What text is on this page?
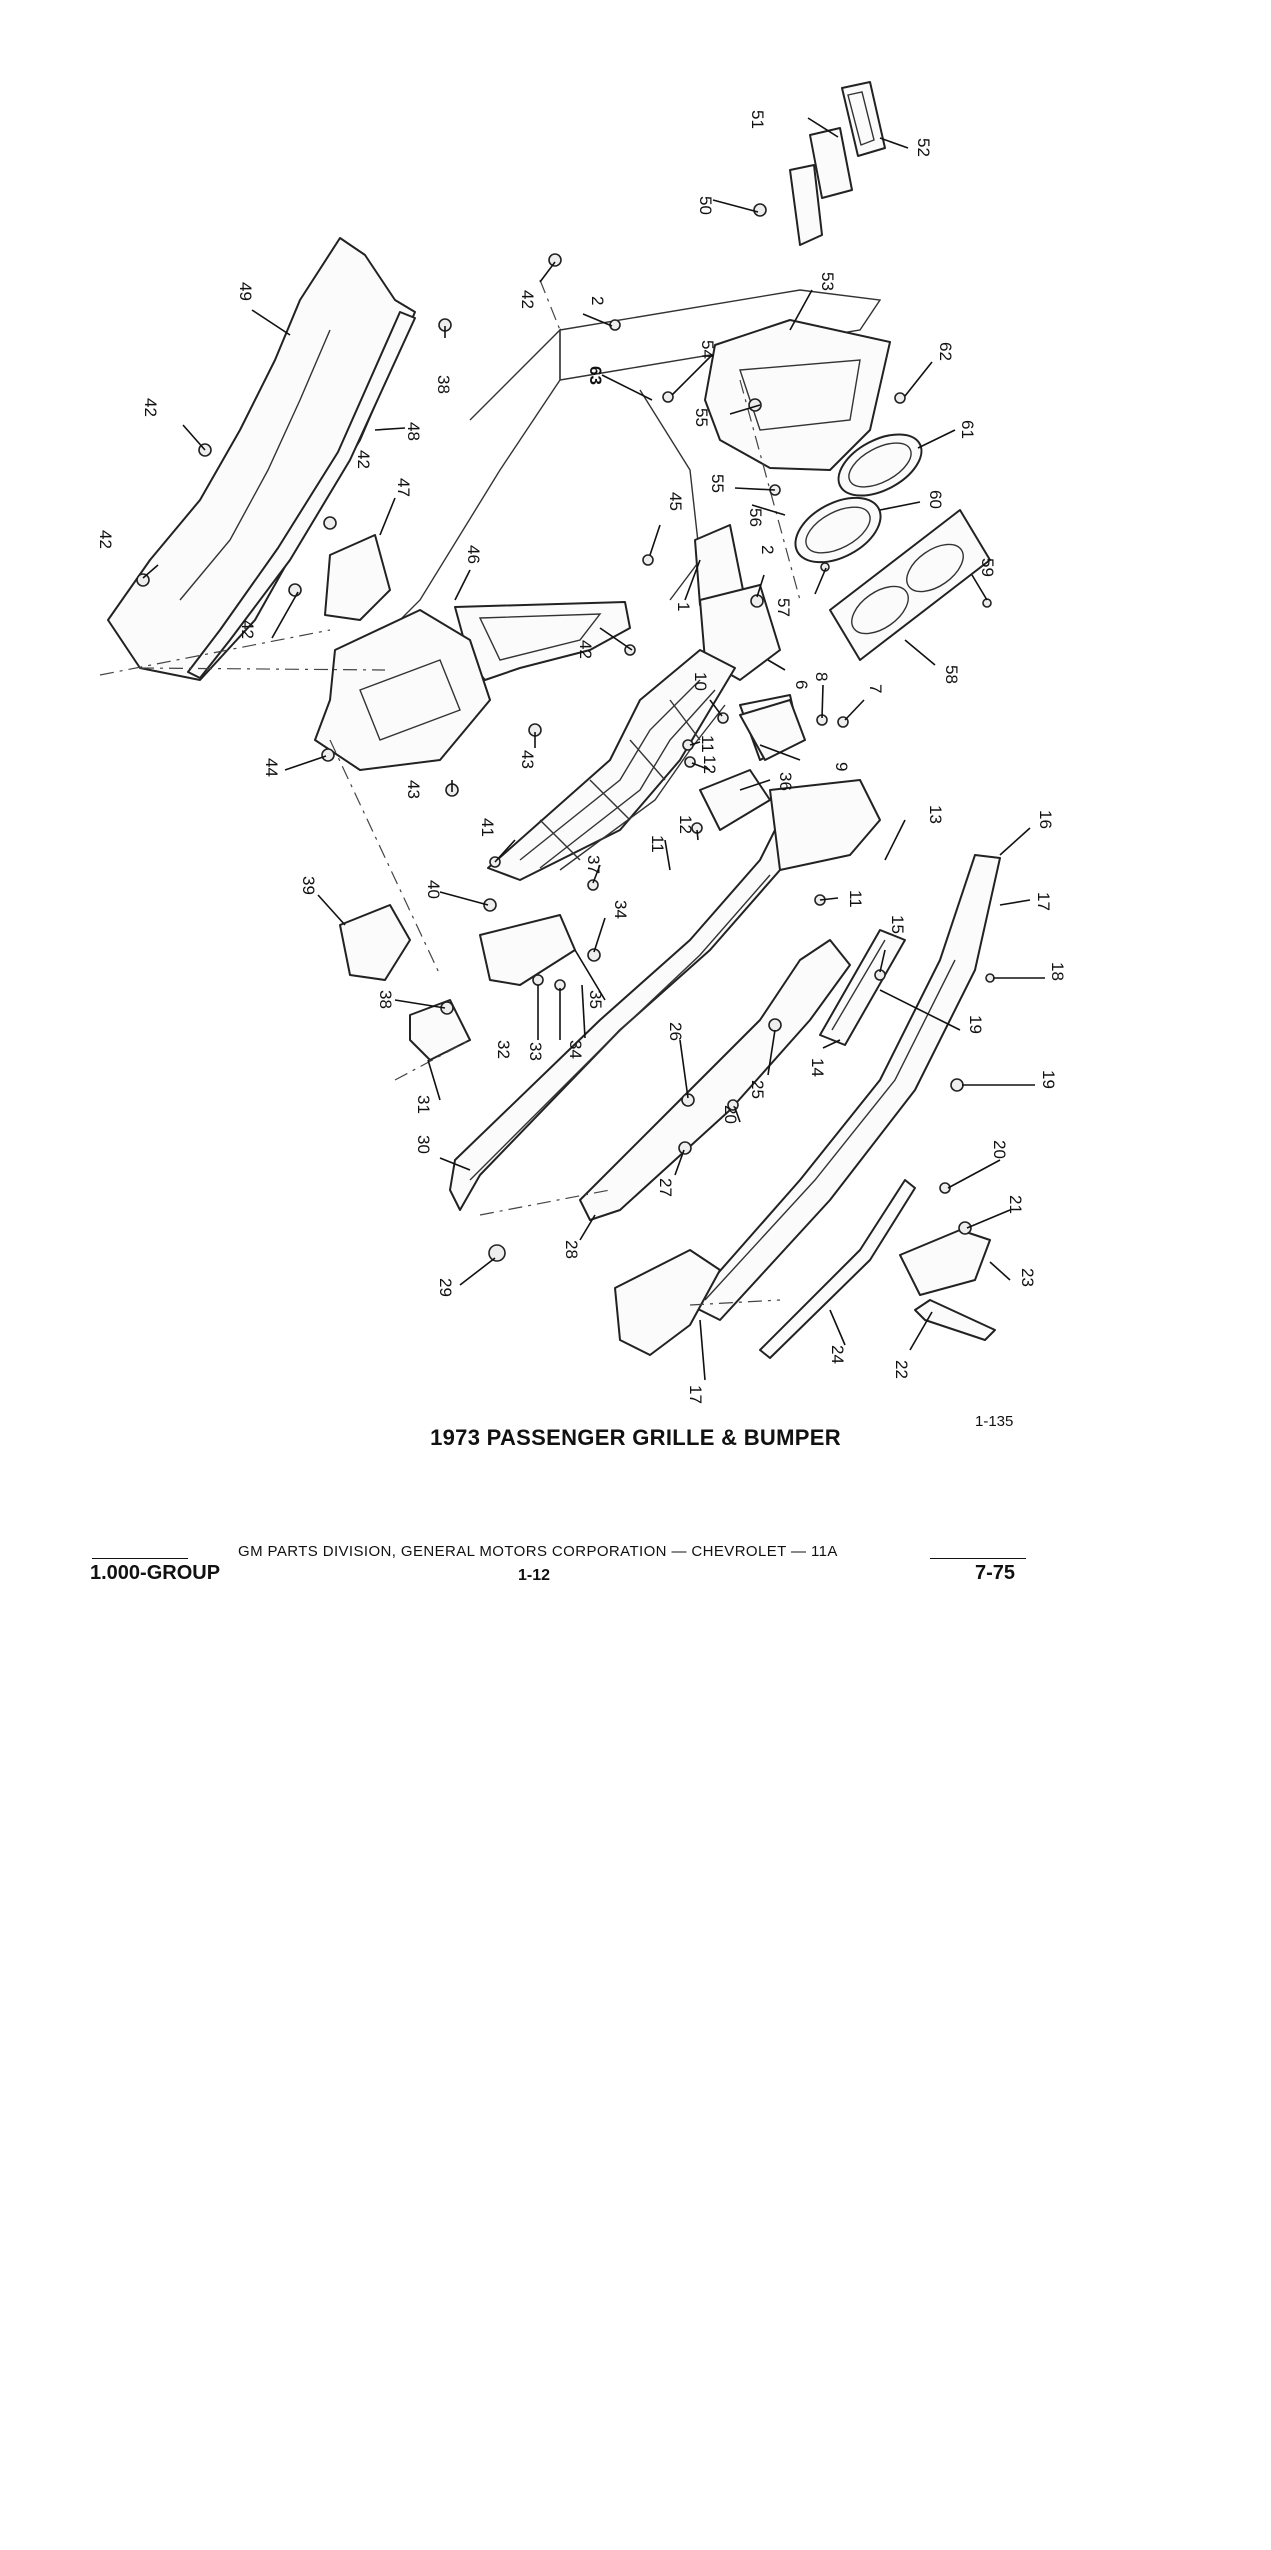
50
51
52
49	42	2
53
54
63
62
38
42
48
55
61
42
47	55
56
45	60
42
46	2
1	57
59
42
42
6
58
10	8
7
11
12	9
43
44
36
43
41	12
11
13	16
37
39	40	11	17
15
18
34
38	35
32 33 34
19
26
31
14
25
19
20
30
27
20
28
21
29
23
24
17
22
1-135
1973 PASSENGER GRILLE & BUMPER
GM PARTS DIVISION, GENERAL MOTORS CORPORATION — CHEVROLET — 11A
1.000-GROUP	1-12	7-75
